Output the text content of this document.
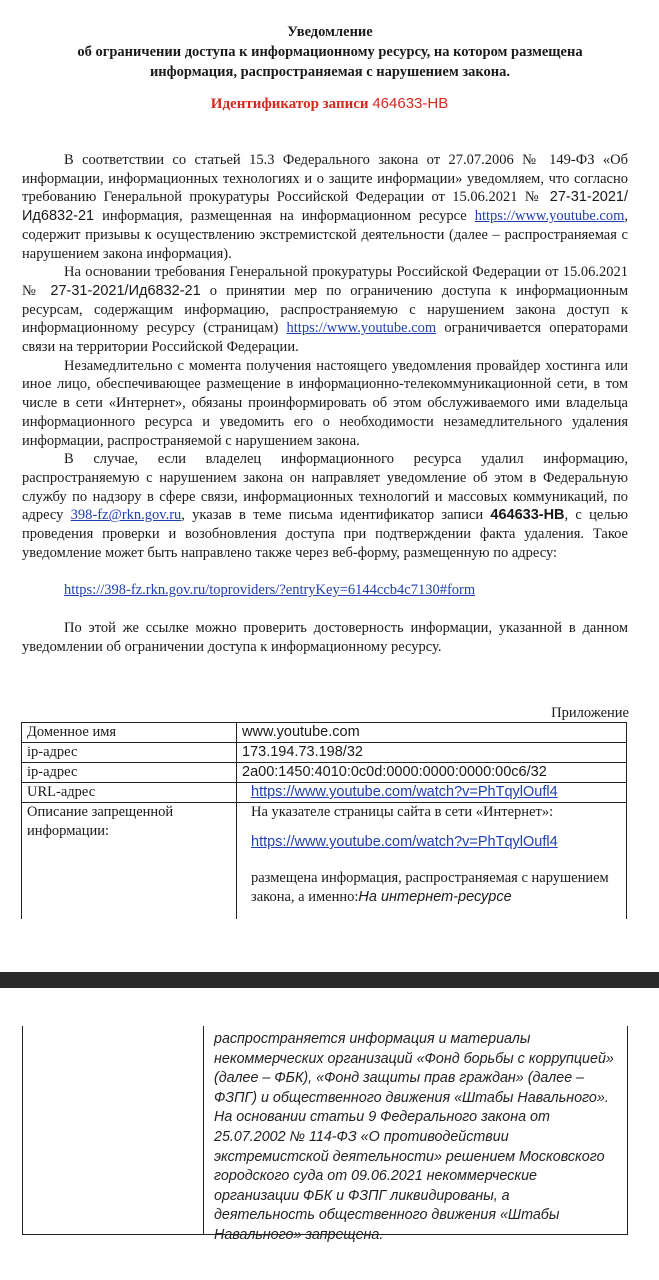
Уведомление
об ограничении доступа к информационному ресурсу, на котором размещена
информация, распространяемая с нарушением закона.
Идентификатор записи 464633-НВ

В соответствии со статьей 15.3 Федерального закона от 27.07.2006 № 149-ФЗ «Об информации, информационных технологиях и о защите информации» уведомляем, что согласно требованию Генеральной прокуратуры Российской Федерации от 15.06.2021 № 27-31-2021/Ид6832-21 информация, размещенная на информационном ресурсе https://www.youtube.com, содержит призывы к осуществлению экстремистской деятельности (далее – распространяемая с нарушением закона информация).

На основании требования Генеральной прокуратуры Российской Федерации от 15.06.2021 № 27-31-2021/Ид6832-21 о принятии мер по ограничению доступа к информационным ресурсам, содержащим информацию, распространяемую с нарушением закона доступ к информационному ресурсу (страницам) https://www.youtube.com ограничивается операторами связи на территории Российской Федерации.

Незамедлительно с момента получения настоящего уведомления провайдер хостинга или иное лицо, обеспечивающее размещение в информационно-телекоммуникационной сети, в том числе в сети «Интернет», обязаны проинформировать об этом обслуживаемого ими владельца информационного ресурса и уведомить его о необходимости незамедлительного удаления информации, распространяемой с нарушением закона.

В случае, если владелец информационного ресурса удалил информацию, распространяемую с нарушением закона он направляет уведомление об этом в Федеральную службу по надзору в сфере связи, информационных технологий и массовых коммуникаций, по адресу 398-fz@rkn.gov.ru, указав в теме письма идентификатор записи 464633-НВ, с целью проведения проверки и возобновления доступа при подтверждении факта удаления. Такое уведомление может быть направлено также через веб-форму, размещенную по адресу:

https://398-fz.rkn.gov.ru/toproviders/?entryKey=6144ccb4c7130#form

По этой же ссылке можно проверить достоверность информации, указанной в данном уведомлении об ограничении доступа к информационному ресурсу.

Приложение
Доменное имя	www.youtube.com
ip-адрес	173.194.73.198/32
ip-адрес	2a00:1450:4010:0c0d:0000:0000:0000:00c6/32
URL-адрес	https://www.youtube.com/watch?v=PhTqylOufl4
Описание запрещенной информации:	На указателе страницы сайта в сети «Интернет»:
https://www.youtube.com/watch?v=PhTqylOufl4
размещена информация, распространяемая с нарушением закона, а именно:На интернет-ресурсе
распространяется информация и материалы некоммерческих организаций «Фонд борьбы с коррупцией» (далее – ФБК), «Фонд защиты прав граждан» (далее – ФЗПГ) и общественного движения «Штабы Навального». На основании статьи 9 Федерального закона от 25.07.2002 № 114-ФЗ «О противодействии экстремистской деятельности» решением Московского городского суда от 09.06.2021 некоммерческие организации ФБК и ФЗПГ ликвидированы, а деятельность общественного движения «Штабы Навального» запрещена.
